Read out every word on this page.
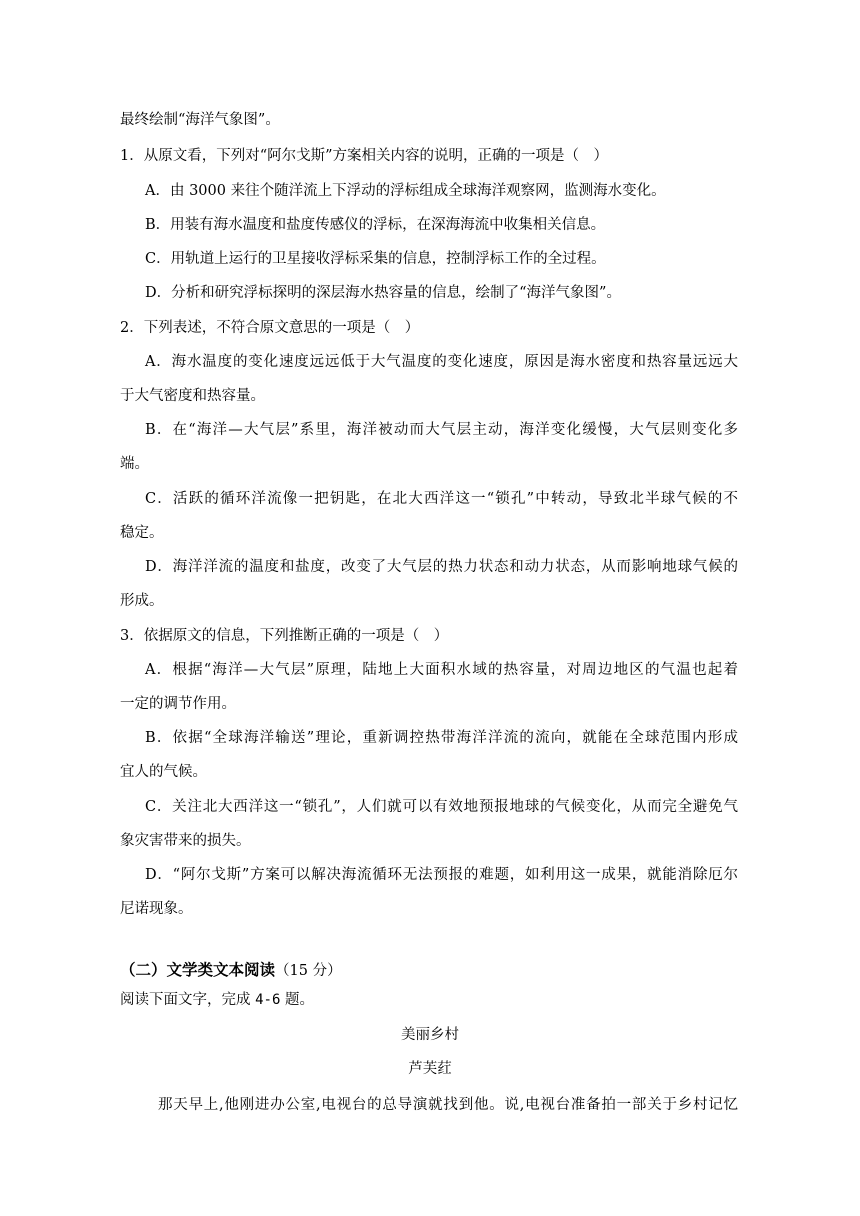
最终绘制“海洋气象图”。
1．从原文看，下列对“阿尔戈斯”方案相关内容的说明，正确的一项是（　）
A．由 3000 来往个随洋流上下浮动的浮标组成全球海洋观察网，监测海水变化。
B．用装有海水温度和盐度传感仪的浮标，在深海海流中收集相关信息。
C．用轨道上运行的卫星接收浮标采集的信息，控制浮标工作的全过程。
D．分析和研究浮标探明的深层海水热容量的信息，绘制了“海洋气象图”。
2．下列表述，不符合原文意思的一项是（　）
A．海水温度的变化速度远远低于大气温度的变化速度，原因是海水密度和热容量远远大
于大气密度和热容量。
B．在“海洋—大气层”系里，海洋被动而大气层主动，海洋变化缓慢，大气层则变化多
端。
C．活跃的循环洋流像一把钥匙，在北大西洋这一“锁孔”中转动，导致北半球气候的不
稳定。
D．海洋洋流的温度和盐度，改变了大气层的热力状态和动力状态，从而影响地球气候的
形成。
3．依据原文的信息，下列推断正确的一项是（　）
A．根据“海洋—大气层”原理，陆地上大面积水域的热容量，对周边地区的气温也起着
一定的调节作用。
B．依据“全球海洋输送”理论，重新调控热带海洋洋流的流向，就能在全球范围内形成
宜人的气候。
C．关注北大西洋这一“锁孔”，人们就可以有效地预报地球的气候变化，从而完全避免气
象灾害带来的损失。
D．“阿尔戈斯”方案可以解决海流循环无法预报的难题，如利用这一成果，就能消除厄尔
尼诺现象。
（二）文学类文本阅读（15 分）
阅读下面文字，完成 4-6 题。
美丽乡村
芦芙荭
那天早上,他刚进办公室,电视台的总导演就找到他。说,电视台准备拍一部关于乡村记忆
